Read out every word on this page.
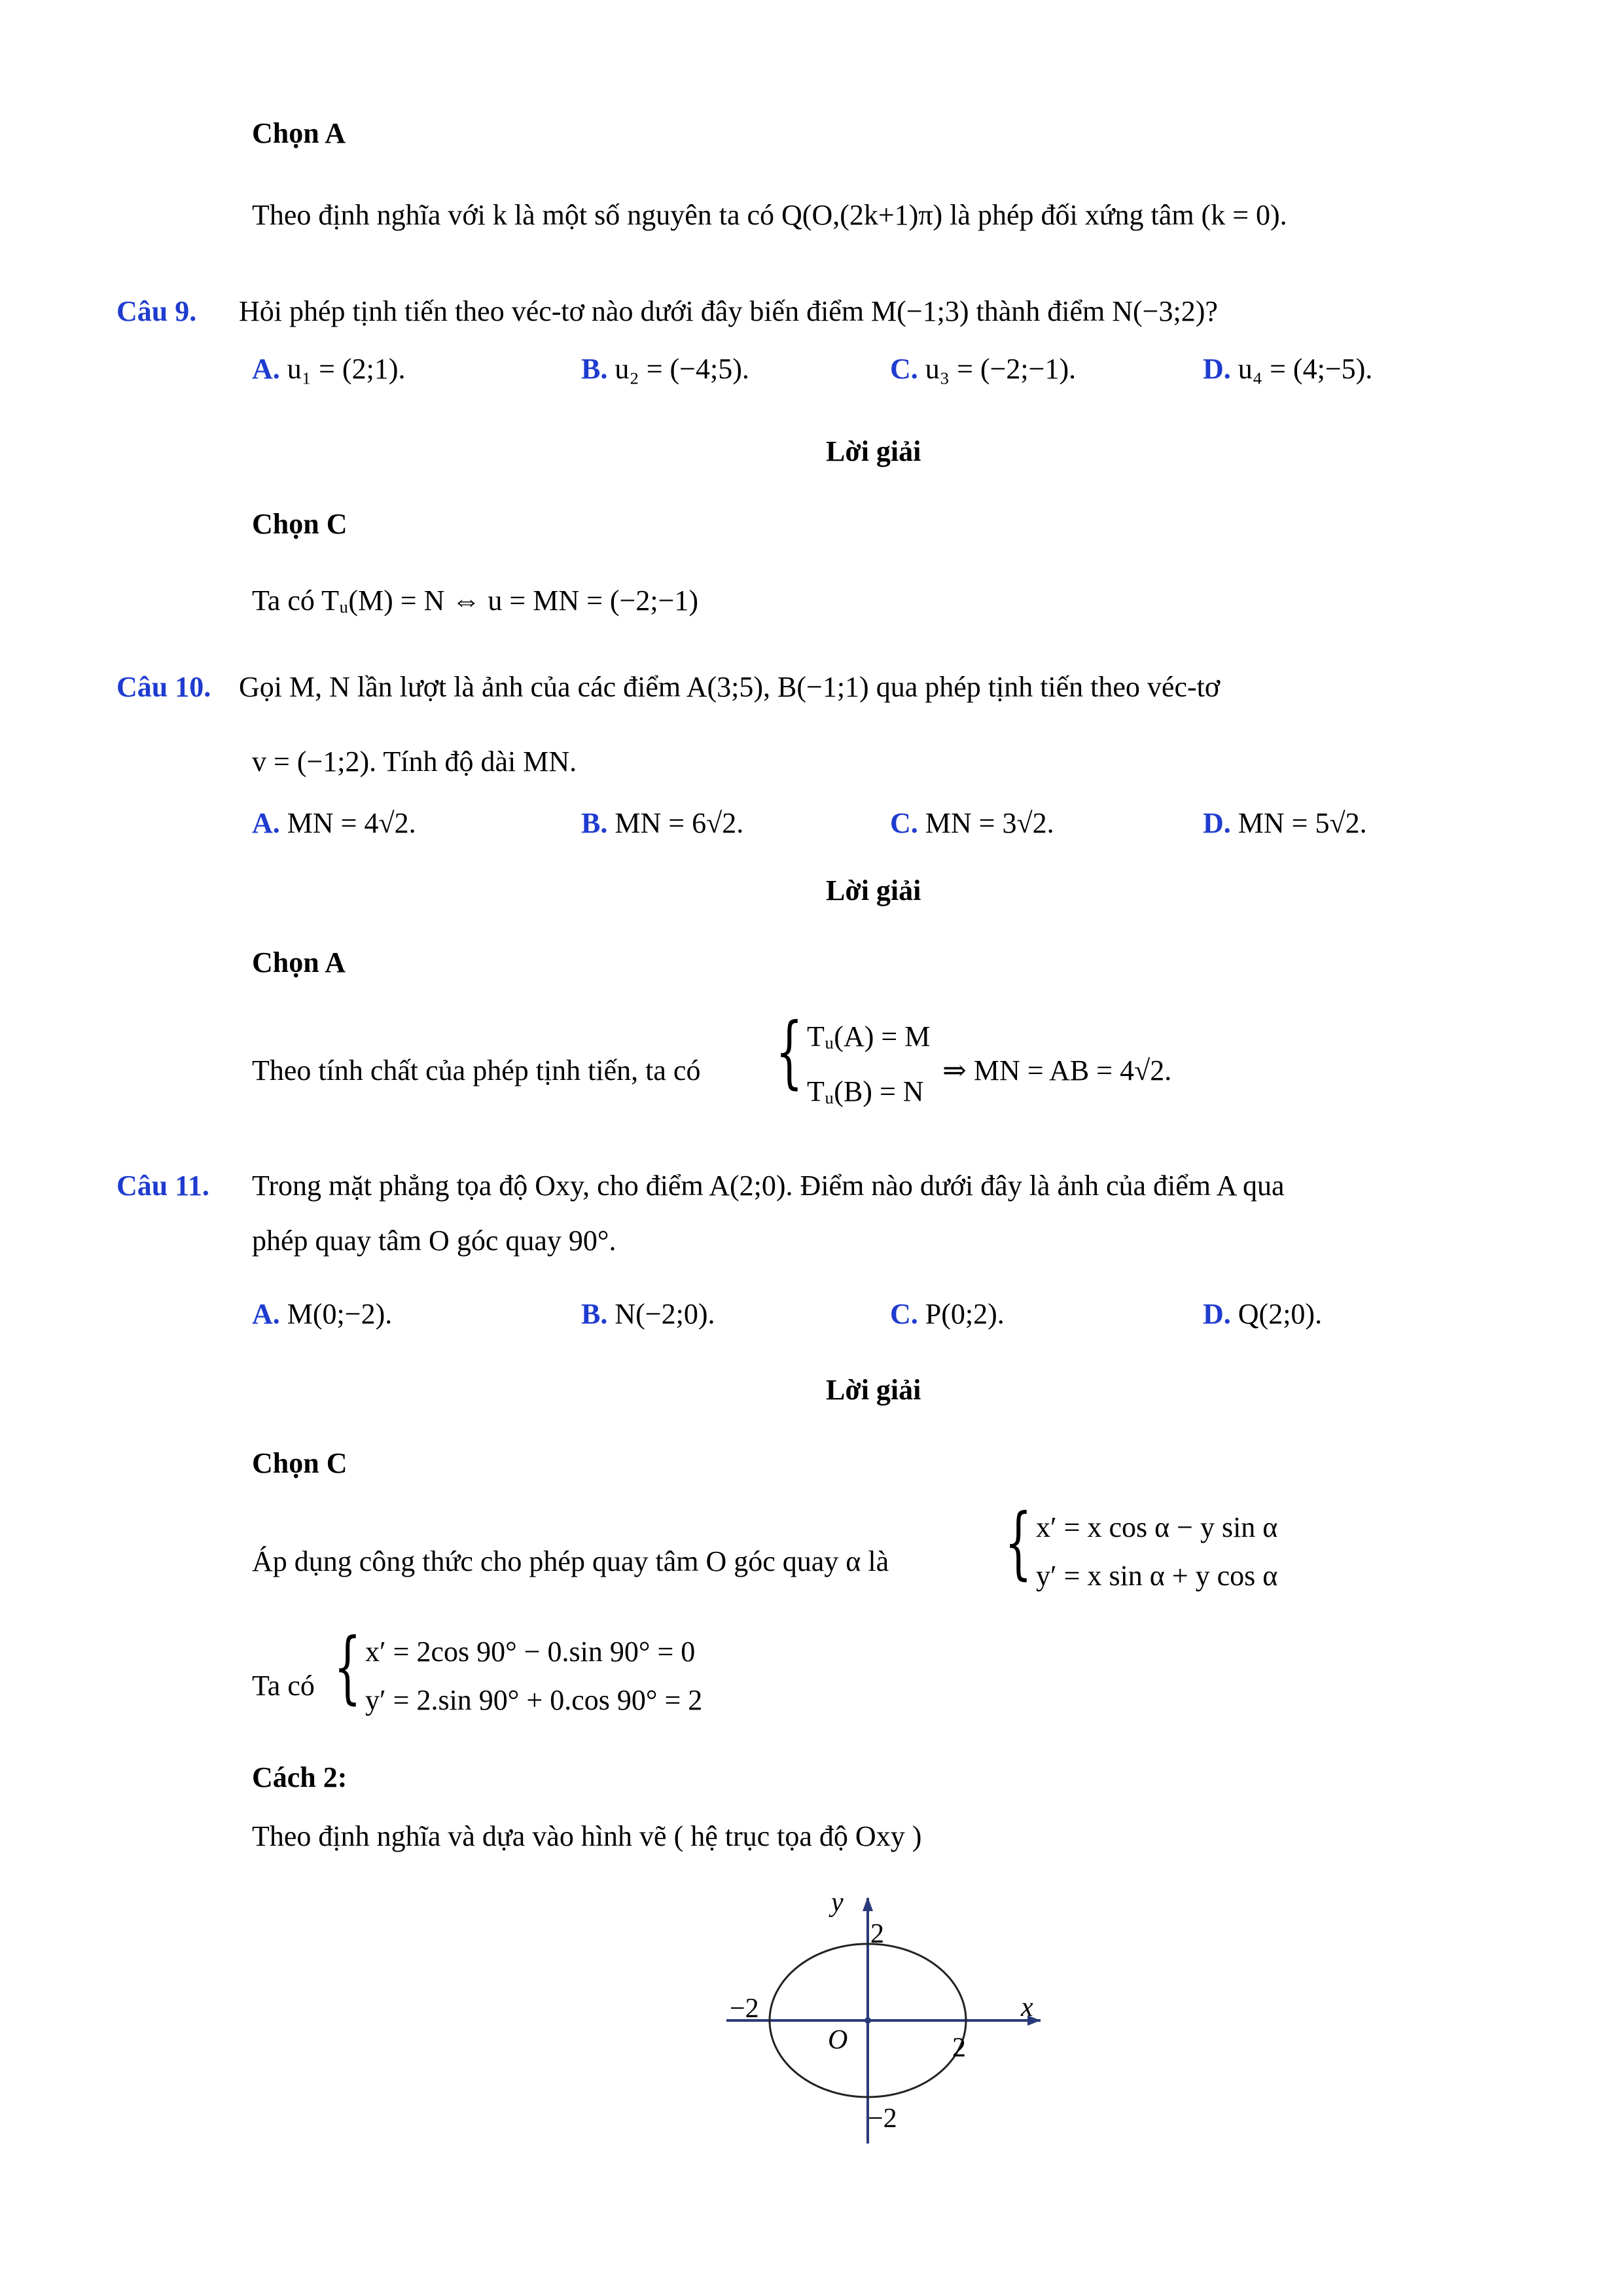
Chọn A
Theo định nghĩa với k là một số nguyên ta có Q(O,(2k+1)π) là phép đối xứng tâm (k = 0).
Câu 9. Hỏi phép tịnh tiến theo véc-tơ nào dưới đây biến điểm M(−1;3) thành điểm N(−3;2)?
A. u₁ = (2;1).	B. u₂ = (−4;5).	C. u₃ = (−2;−1).	D. u₄ = (4;−5).
Lời giải
Chọn C
Ta có Tᵤ(M) = N ⇔ u = MN = (−2;−1)
Câu 10. Gọi M, N lần lượt là ảnh của các điểm A(3;5), B(−1;1) qua phép tịnh tiến theo véc-tơ
v = (−1;2). Tính độ dài MN.
A. MN = 4√2.	B. MN = 6√2.	C. MN = 3√2.	D. MN = 5√2.
Lời giải
Chọn A
Theo tính chất của phép tịnh tiến, ta có { Tᵤ(A) = M
Tᵤ(B) = N
⇒ MN = AB = 4√2.
Câu 11. Trong mặt phẳng tọa độ Oxy, cho điểm A(2;0). Điểm nào dưới đây là ảnh của điểm A qua
phép quay tâm O góc quay 90°.
A. M(0;−2).	B. N(−2;0).	C. P(0;2).	D. Q(2;0).
Lời giải
Chọn C
Áp dụng công thức cho phép quay tâm O góc quay α là { x′ = x cos α − y sin α
y′ = x sin α + y cos α
Ta có { x′ = 2cos 90° − 0.sin 90° = 0
y′ = 2.sin 90° + 0.cos 90° = 2
Cách 2:
Theo định nghĩa và dựa vào hình vẽ ( hệ trục tọa độ Oxy )
y
2
−2
O	2
x
−2
